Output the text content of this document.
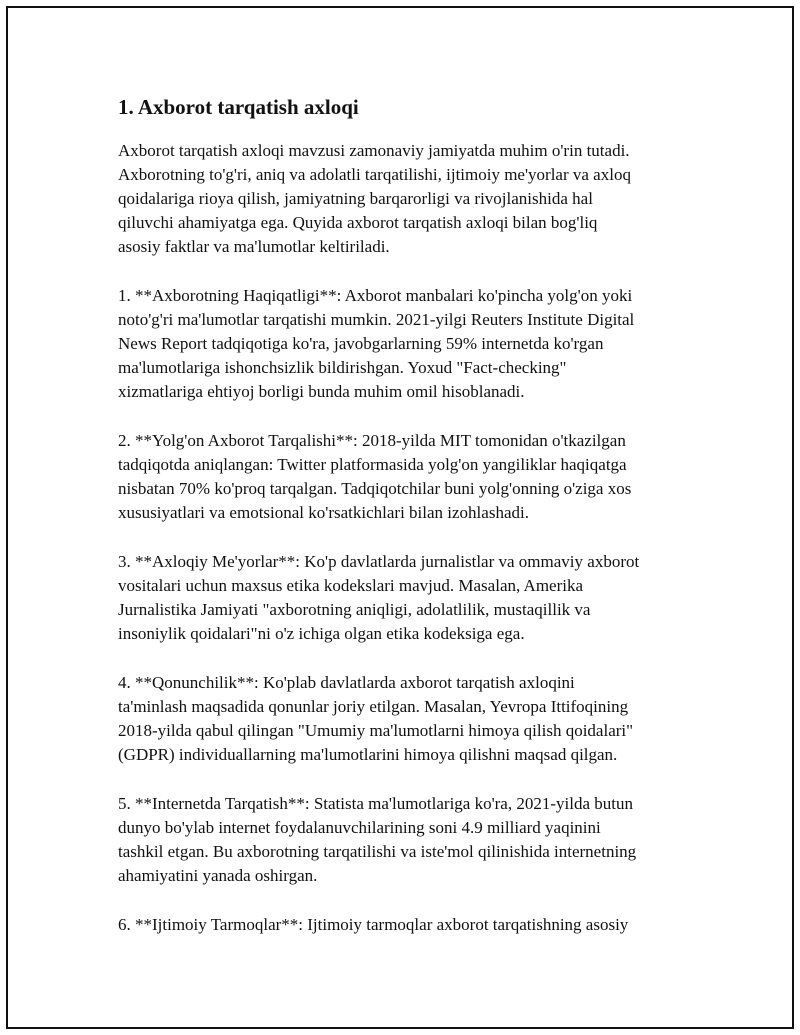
1. Axborot tarqatish axloqi
Axborot tarqatish axloqi mavzusi zamonaviy jamiyatda muhim o'rin tutadi.
Axborotning to'g'ri, aniq va adolatli tarqatilishi, ijtimoiy me'yorlar va axloq
qoidalariga rioya qilish, jamiyatning barqarorligi va rivojlanishida hal
qiluvchi ahamiyatga ega. Quyida axborot tarqatish axloqi bilan bog'liq
asosiy faktlar va ma'lumotlar keltiriladi.
1. **Axborotning Haqiqatligi**: Axborot manbalari ko'pincha yolg'on yoki
noto'g'ri ma'lumotlar tarqatishi mumkin. 2021-yilgi Reuters Institute Digital
News Report tadqiqotiga ko'ra, javobgarlarning 59% internetda ko'rgan
ma'lumotlariga ishonchsizlik bildirishgan. Yoxud "Fact-checking"
xizmatlariga ehtiyoj borligi bunda muhim omil hisoblanadi.
2. **Yolg'on Axborot Tarqalishi**: 2018-yilda MIT tomonidan o'tkazilgan
tadqiqotda aniqlangan: Twitter platformasida yolg'on yangiliklar haqiqatga
nisbatan 70% ko'proq tarqalgan. Tadqiqotchilar buni yolg'onning o'ziga xos
xususiyatlari va emotsional ko'rsatkichlari bilan izohlashadi.
3. **Axloqiy Me'yorlar**: Ko'p davlatlarda jurnalistlar va ommaviy axborot
vositalari uchun maxsus etika kodekslari mavjud. Masalan, Amerika
Jurnalistika Jamiyati "axborotning aniqligi, adolatlilik, mustaqillik va
insoniylik qoidalari"ni o'z ichiga olgan etika kodeksiga ega.
4. **Qonunchilik**: Ko'plab davlatlarda axborot tarqatish axloqini
ta'minlash maqsadida qonunlar joriy etilgan. Masalan, Yevropa Ittifoqining
2018-yilda qabul qilingan "Umumiy ma'lumotlarni himoya qilish qoidalari"
(GDPR) individuallarning ma'lumotlarini himoya qilishni maqsad qilgan.
5. **Internetda Tarqatish**: Statista ma'lumotlariga ko'ra, 2021-yilda butun
dunyo bo'ylab internet foydalanuvchilarining soni 4.9 milliard yaqinini
tashkil etgan. Bu axborotning tarqatilishi va iste'mol qilinishida internetning
ahamiyatini yanada oshirgan.
6. **Ijtimoiy Tarmoqlar**: Ijtimoiy tarmoqlar axborot tarqatishning asosiy
